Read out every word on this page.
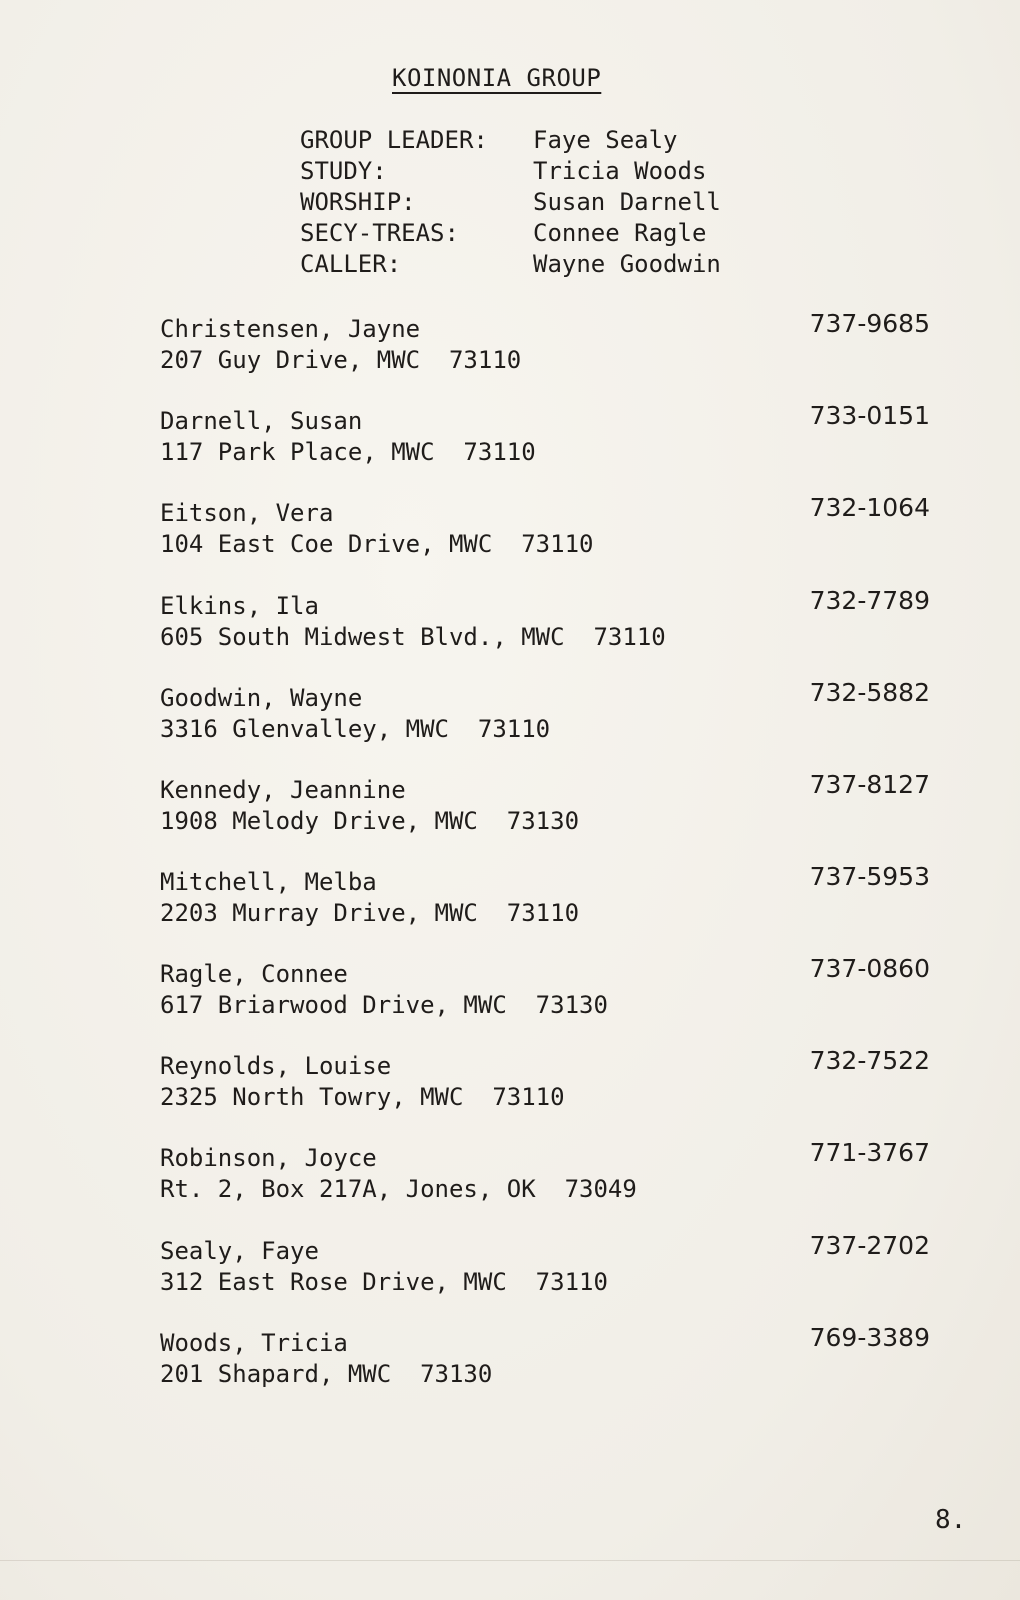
KOINONIA GROUP
GROUP LEADER:	Faye Sealy
STUDY:	Tricia Woods
WORSHIP:	Susan Darnell
SECY-TREAS:	Connee Ragle
CALLER:	Wayne Goodwin
Christensen, Jayne
207 Guy Drive, MWC  73110
737-9685
Darnell, Susan
117 Park Place, MWC  73110
733-0151
Eitson, Vera
104 East Coe Drive, MWC  73110
732-1064
Elkins, Ila
605 South Midwest Blvd., MWC  73110
732-7789
Goodwin, Wayne
3316 Glenvalley, MWC  73110
732-5882
Kennedy, Jeannine
1908 Melody Drive, MWC  73130
737-8127
Mitchell, Melba
2203 Murray Drive, MWC  73110
737-5953
Ragle, Connee
617 Briarwood Drive, MWC  73130
737-0860
Reynolds, Louise
2325 North Towry, MWC  73110
732-7522
Robinson, Joyce
Rt. 2, Box 217A, Jones, OK  73049
771-3767
Sealy, Faye
312 East Rose Drive, MWC  73110
737-2702
Woods, Tricia
201 Shapard, MWC  73130
769-3389
8.
